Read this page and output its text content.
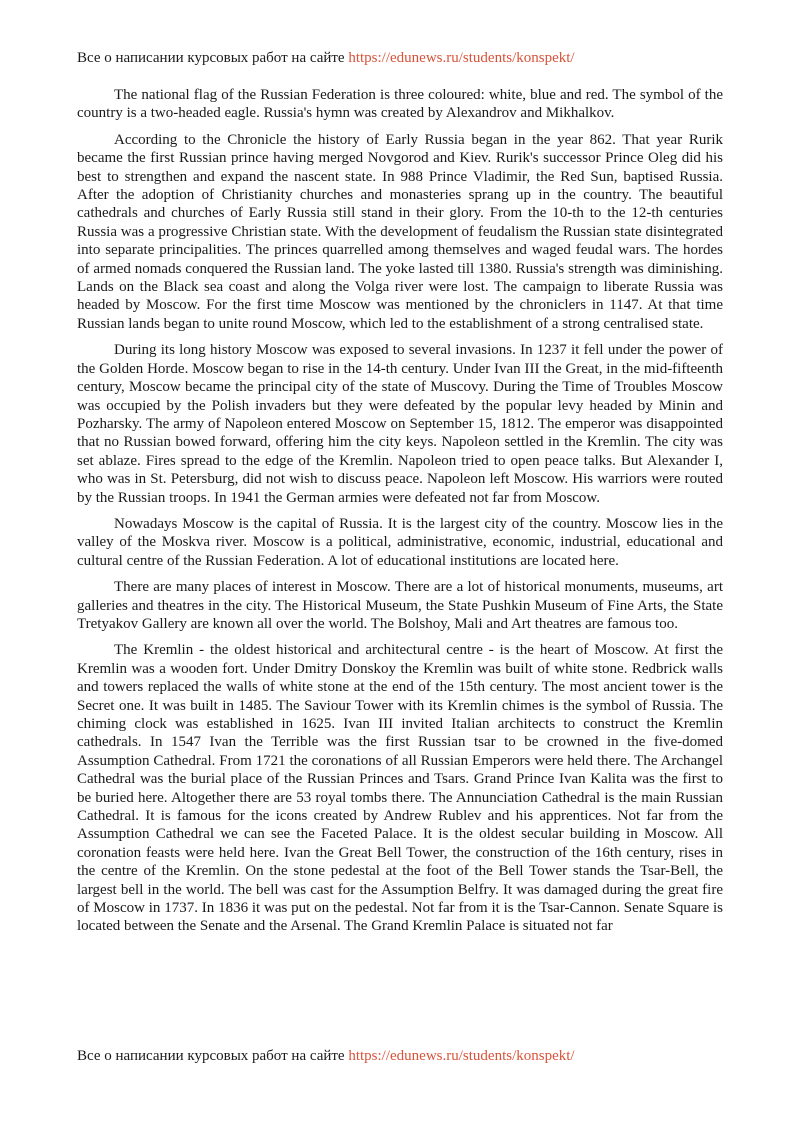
Все о написании курсовых работ на сайте https://edunews.ru/students/konspekt/

The national flag of the Russian Federation is three coloured: white, blue and red. The symbol of the country is a two-headed eagle. Russia's hymn was created by Alexandrov and Mikhalkov.

According to the Chronicle the history of Early Russia began in the year 862. That year Rurik became the first Russian prince having merged Novgorod and Kiev. Rurik's successor Prince Oleg did his best to strengthen and expand the nascent state. In 988 Prince Vladimir, the Red Sun, baptised Russia. After the adoption of Christianity churches and monasteries sprang up in the country. The beautiful cathedrals and churches of Early Russia still stand in their glory. From the 10-th to the 12-th centuries Russia was a progressive Christian state. With the development of feudalism the Russian state disintegrated into separate principalities. The princes quarrelled among themselves and waged feudal wars. The hordes of armed nomads conquered the Russian land. The yoke lasted till 1380. Russia's strength was diminishing. Lands on the Black sea coast and along the Volga river were lost. The campaign to liberate Russia was headed by Moscow. For the first time Moscow was mentioned by the chroniclers in 1147. At that time Russian lands began to unite round Moscow, which led to the establishment of a strong centralised state.

During its long history Moscow was exposed to several invasions. In 1237 it fell under the power of the Golden Horde. Moscow began to rise in the 14-th century. Under Ivan III the Great, in the mid-fifteenth century, Moscow became the principal city of the state of Muscovy. During the Time of Troubles Moscow was occupied by the Polish invaders but they were defeated by the popular levy headed by Minin and Pozharsky. The army of Napoleon entered Moscow on September 15, 1812. The emperor was disappointed that no Russian bowed forward, offering him the city keys. Napoleon settled in the Kremlin. The city was set ablaze. Fires spread to the edge of the Kremlin. Napoleon tried to open peace talks. But Alexander I, who was in St. Petersburg, did not wish to discuss peace. Napoleon left Moscow. His warriors were routed by the Russian troops. In 1941 the German armies were defeated not far from Moscow.

Nowadays Moscow is the capital of Russia. It is the largest city of the country. Moscow lies in the valley of the Moskva river. Moscow is a political, administrative, economic, industrial, educational and cultural centre of the Russian Federation. A lot of educational institutions are located here.

There are many places of interest in Moscow. There are a lot of historical monuments, museums, art galleries and theatres in the city. The Historical Museum, the State Pushkin Museum of Fine Arts, the State Tretyakov Gallery are known all over the world. The Bolshoy, Mali and Art theatres are famous too.

The Kremlin - the oldest historical and architectural centre - is the heart of Moscow. At first the Kremlin was a wooden fort. Under Dmitry Donskoy the Kremlin was built of white stone. Redbrick walls and towers replaced the walls of white stone at the end of the 15th century. The most ancient tower is the Secret one. It was built in 1485. The Saviour Tower with its Kremlin chimes is the symbol of Russia. The chiming clock was established in 1625. Ivan III invited Italian architects to construct the Kremlin cathedrals. In 1547 Ivan the Terrible was the first Russian tsar to be crowned in the five-domed Assumption Cathedral. From 1721 the coronations of all Russian Emperors were held there. The Archangel Cathedral was the burial place of the Russian Princes and Tsars. Grand Prince Ivan Kalita was the first to be buried here. Altogether there are 53 royal tombs there. The Annunciation Cathedral is the main Russian Cathedral. It is famous for the icons created by Andrew Rublev and his apprentices. Not far from the Assumption Cathedral we can see the Faceted Palace. It is the oldest secular building in Moscow. All coronation feasts were held here. Ivan the Great Bell Tower, the construction of the 16th century, rises in the centre of the Kremlin. On the stone pedestal at the foot of the Bell Tower stands the Tsar-Bell, the largest bell in the world. The bell was cast for the Assumption Belfry. It was damaged during the great fire of Moscow in 1737. In 1836 it was put on the pedestal. Not far from it is the Tsar-Cannon. Senate Square is located between the Senate and the Arsenal. The Grand Kremlin Palace is situated not far

Все о написании курсовых работ на сайте https://edunews.ru/students/konspekt/
